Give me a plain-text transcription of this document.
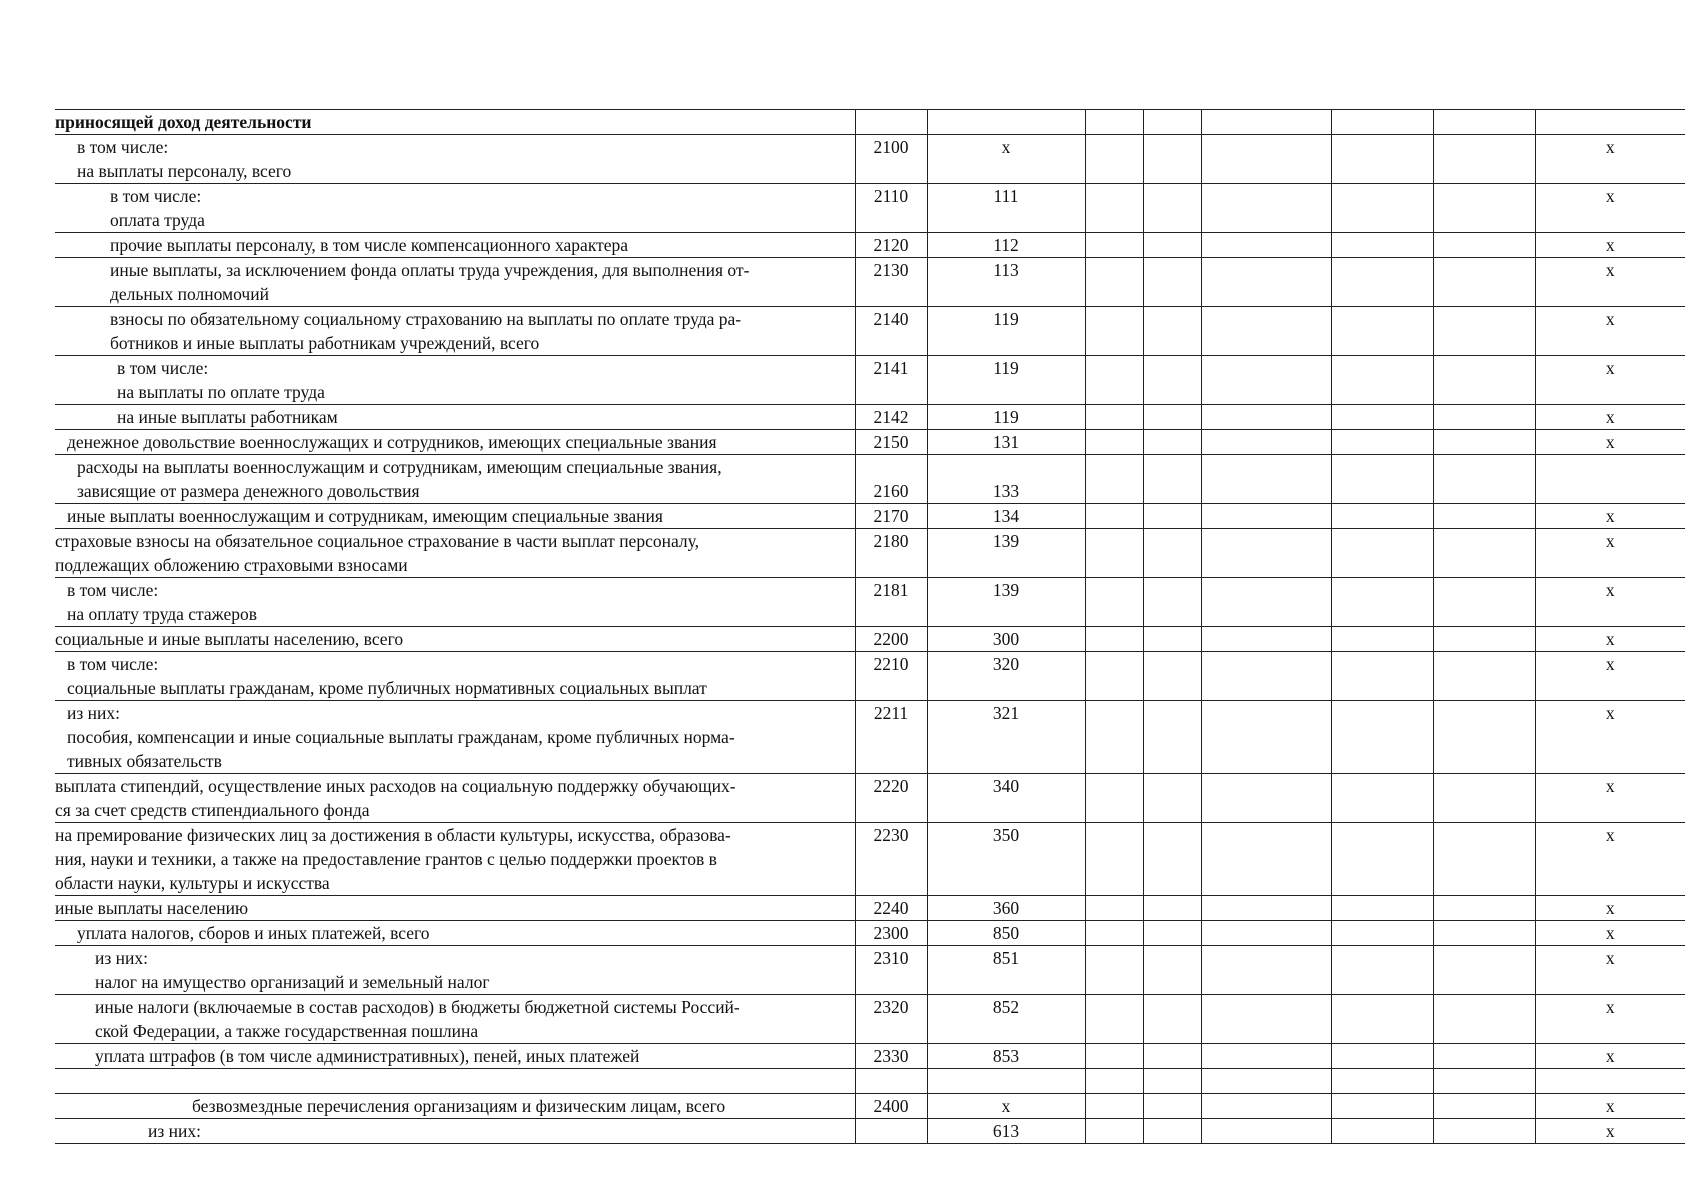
приносящей доход деятельности								

в том числе:
на выплаты персоналу, всего	2100	х						х

в том числе:
оплата труда	2110	111						х

прочие выплаты персоналу, в том числе компенсационного характера	2120	112						х

иные выплаты, за исключением фонда оплаты труда учреждения, для выполнения от-
дельных полномочий	2130	113						х

взносы по обязательному социальному страхованию на выплаты по оплате труда ра-
ботников и иные выплаты работникам учреждений, всего	2140	119						х

в том числе:
на выплаты по оплате труда	2141	119						х

на иные выплаты работникам	2142	119						х

денежное довольствие военнослужащих и сотрудников, имеющих специальные звания	2150	131						х

расходы на выплаты военнослужащим и сотрудникам, имеющим специальные звания,
зависящие от размера денежного довольствия	2160	133						

иные выплаты военнослужащим и сотрудникам, имеющим специальные звания	2170	134						х

страховые взносы на обязательное социальное страхование в части выплат персоналу,
подлежащих обложению страховыми взносами	2180	139						х

в том числе:
на оплату труда стажеров	2181	139						х

социальные и иные выплаты населению, всего	2200	300						х

в том числе:
социальные выплаты гражданам, кроме публичных нормативных социальных выплат	2210	320						х

из них:
пособия, компенсации и иные социальные выплаты гражданам, кроме публичных норма-
тивных обязательств	2211	321						х

выплата стипендий, осуществление иных расходов на социальную поддержку обучающих-
ся за счет средств стипендиального фонда	2220	340						х

на премирование физических лиц за достижения в области культуры, искусства, образова-
ния, науки и техники, а также на предоставление грантов с целью поддержки проектов в
области науки, культуры и искусства	2230	350						х

иные выплаты населению	2240	360						х

уплата налогов, сборов и иных платежей, всего	2300	850						х

из них:
налог на имущество организаций и земельный налог	2310	851						х

иные налоги (включаемые в состав расходов) в бюджеты бюджетной системы Россий-
ской Федерации, а также государственная пошлина	2320	852						х

уплата штрафов (в том числе административных), пеней, иных платежей	2330	853						х

безвозмездные перечисления организациям и физическим лицам, всего	2400	х						х

из них:		613						х
